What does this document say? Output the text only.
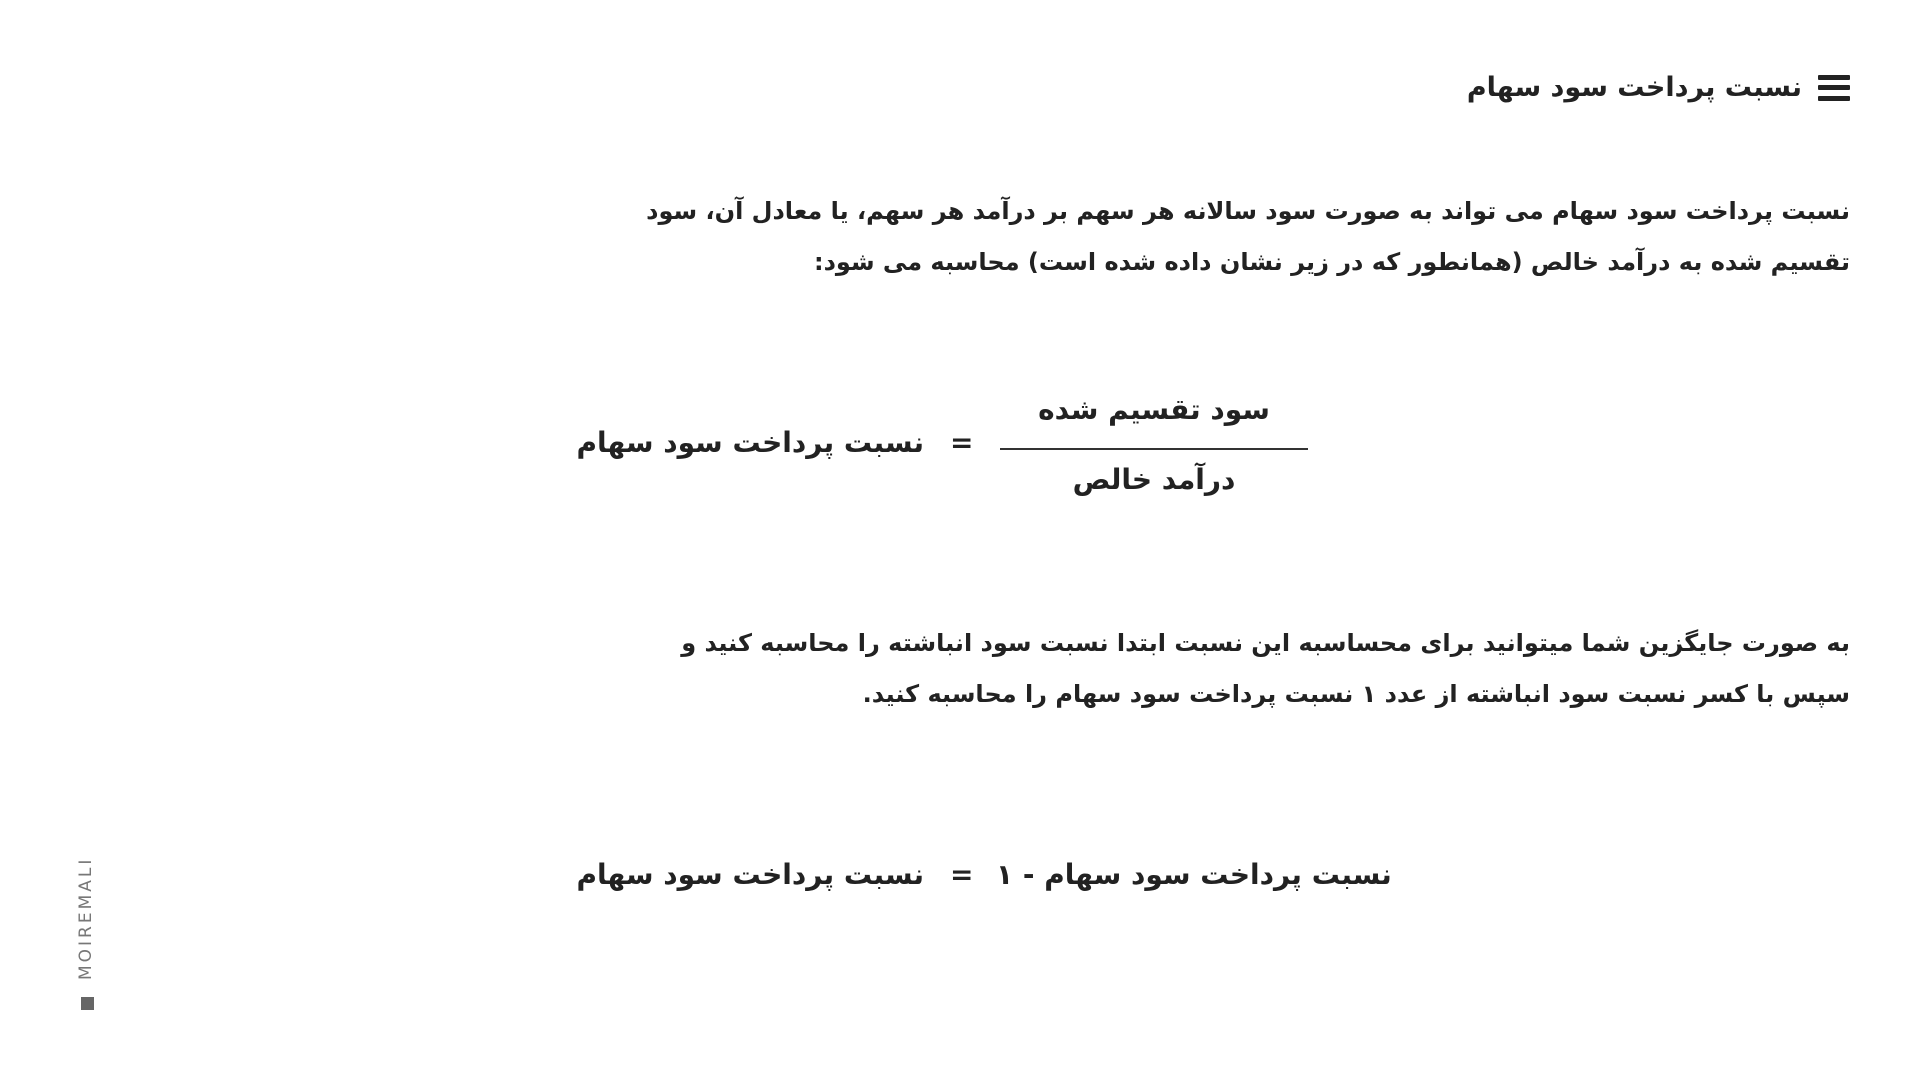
نسبت پرداخت سود سهام

نسبت پرداخت سود سهام می تواند به صورت سود سالانه هر سهم بر درآمد هر سهم، یا معادل آن، سود

تقسیم شده به درآمد خالص (همانطور که در زیر نشان داده شده است) محاسبه می شود:

نسبت پرداخت سود سهام =
سود تقسیم شده
درآمد خالص

به صورت جایگزین شما میتوانید برای محساسبه این نسبت ابتدا نسبت سود انباشته را محاسبه کنید و

سپس با کسر نسبت سود انباشته از عدد ۱ نسبت پرداخت سود سهام را محاسبه کنید.

نسبت پرداخت سود سهام = نسبت پرداخت سود سهام - ۱
MOIREMALI
